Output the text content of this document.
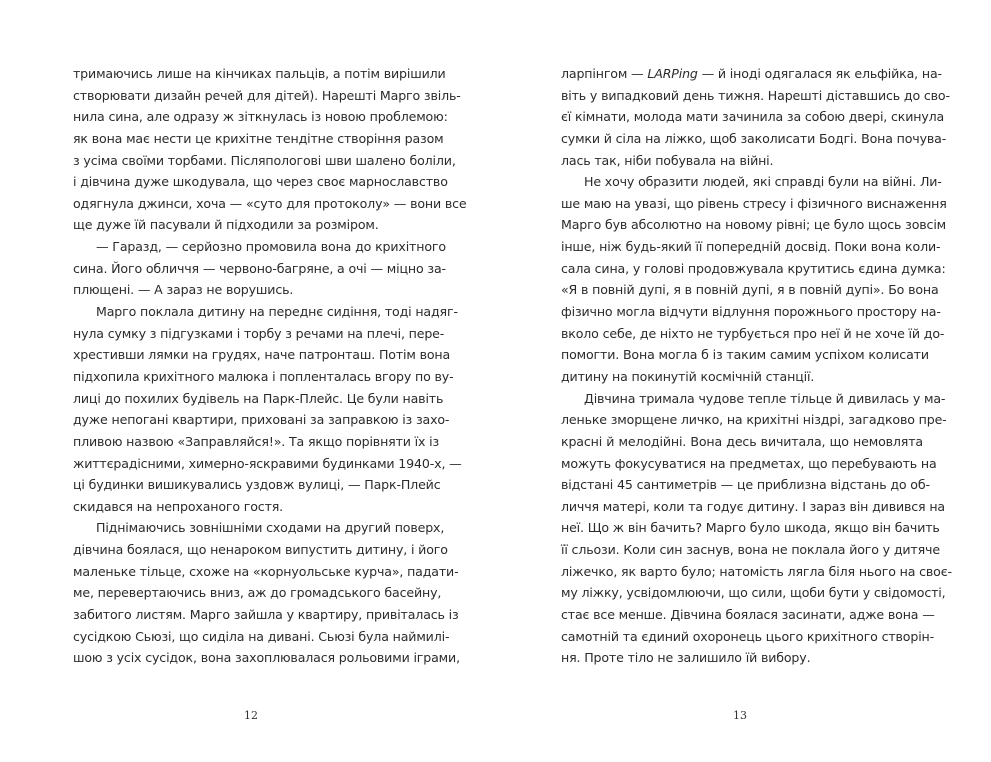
тримаючись лише на кінчиках пальців, а потім вирішили
створювати дизайн речей для дітей). Нарешті Марго звіль-
нила сина, але одразу ж зіткнулась із новою проблемою:
як вона має нести це крихітне тендітне створіння разом
з усіма своїми торбами. Післяпологові шви шалено боліли,
і дівчина дуже шкодувала, що через своє марнославство
одягнула джинси, хоча — «суто для протоколу» — вони все
ще дуже їй пасували й підходили за розміром.
— Гаразд, — серйозно промовила вона до крихітного
сина. Його обличчя — червоно-багряне, а очі — міцно за-
плющені. — А зараз не ворушись.
Марго поклала дитину на переднє сидіння, тоді надяг-
нула сумку з підгузками і торбу з речами на плечі, пере-
хрестивши лямки на грудях, наче патронташ. Потім вона
підхопила крихітного малюка і поплентaлась вгору по ву-
лиці до похилих будівель на Парк-Плейс. Це були навіть
дуже непогані квартири, приховані за заправкою із захо-
пливою назвою «Заправляйся!». Та якщо порівняти їх із
життєрадісними, химерно-яскравими будинками 1940-х, —
ці будинки вишикувались уздовж вулиці, — Парк-Плейс
скидався на непроханого гостя.
Піднімаючись зовнішніми сходами на другий поверх,
дівчина боялася, що ненароком випустить дитину, і його
маленьке тільце, схоже на «корнуольське курча», падати-
ме, перевертаючись вниз, аж до громадського басейну,
забитого листям. Марго зайшла у квартиру, привіталась із
сусідкою Сьюзі, що сиділа на дивані. Сьюзі була наймилі-
шою з усіх сусідок, вона захоплювалася рольовими іграми,
ларпінгом — LARPing — й іноді одягалася як ельфійка, на-
віть у випадковий день тижня. Нарешті діставшись до сво-
єї кімнати, молода мати зачинила за собою двері, скинула
сумки й сіла на ліжко, щоб заколисати Бодгі. Вона почува-
лась так, ніби побувала на війні.
Не хочу образити людей, які справді були на війні. Ли-
ше маю на увазі, що рівень стресу і фізичного виснаження
Марго був абсолютно на новому рівні; це було щось зовсім
інше, ніж будь-який її попередній досвід. Поки вона коли-
сала сина, у голові продовжувала крутитись єдина думка:
«Я в повній дупі, я в повній дупі, я в повній дупі». Бо вона
фізично могла відчути відлуння порожнього простору на-
вколо себе, де ніхто не турбується про неї й не хоче їй до-
помогти. Вона могла б із таким самим успіхом колисати
дитину на покинутій космічній станції.
Дівчина тримала чудове тепле тільце й дивилась у ма-
леньке зморщене личко, на крихітні ніздрі, загадково пре-
красні й мелодійні. Вона десь вичитала, що немовлята
можуть фокусуватися на предметах, що перебувають на
відстані 45 сантиметрів — це приблизна відстань до об-
личчя матері, коли та годує дитину. І зараз він дивився на
неї. Що ж він бачить? Марго було шкода, якщо він бачить
її сльози. Коли син заснув, вона не поклала його у дитяче
ліжечко, як варто було; натомість лягла біля нього на своє-
му ліжку, усвідомлюючи, що сили, щоби бути у свідомості,
стає все менше. Дівчина боялася засинати, адже вона —
самотній та єдиний охоронець цього крихітного створін-
ня. Проте тіло не залишило їй вибору.
12	13
